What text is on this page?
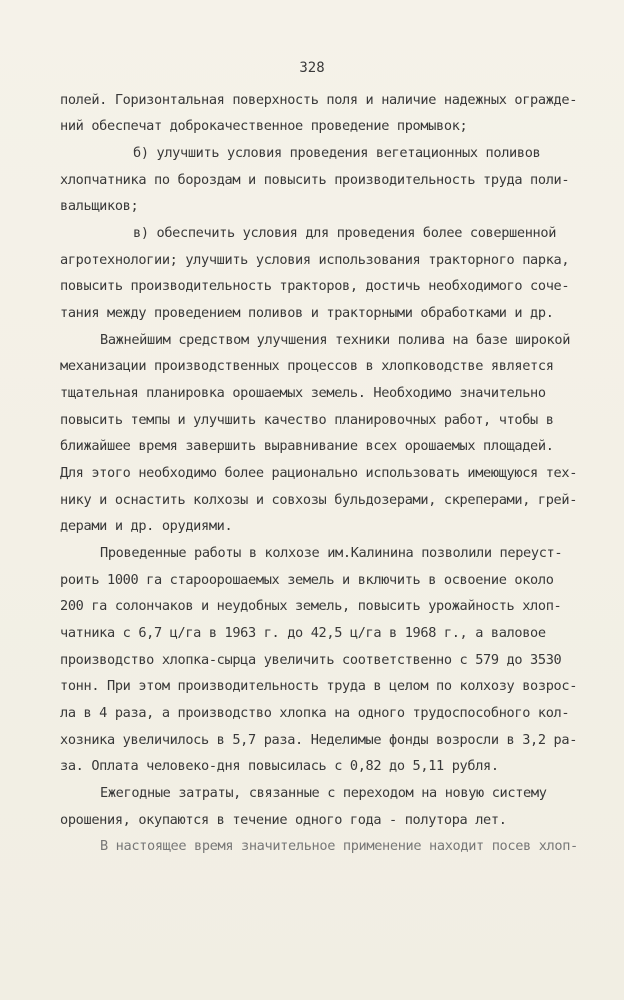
328
полей. Горизонтальная поверхность поля и наличие надежных огражде-
ний обеспечат доброкачественное проведение промывок;
б) улучшить условия проведения вегетационных поливов
хлопчатника по бороздам и повысить производительность труда поли-
вальщиков;
в) обеспечить условия для проведения более совершенной
агротехнологии; улучшить условия использования тракторного парка,
повысить производительность тракторов, достичь необходимого соче-
тания между проведением поливов и тракторными обработками и др.
Важнейшим средством улучшения техники полива на базе широкой
механизации производственных процессов в хлопководстве является
тщательная планировка орошаемых земель. Необходимо значительно
повысить темпы и улучшить качество планировочных работ, чтобы в
ближайшее время завершить выравнивание всех орошаемых площадей.
Для этого необходимо более рационально использовать имеющуюся тех-
нику и оснастить колхозы и совхозы бульдозерами, скреперами, грей-
дерами и др. орудиями.
Проведенные работы в колхозе им.Калинина позволили переуст-
роить 1000 га староорошаемых земель и включить в освоение около
200 га солончаков и неудобных земель, повысить урожайность хлоп-
чатника с 6,7 ц/га в 1963 г. до 42,5 ц/га в 1968 г., а валовое
производство хлопка-сырца увеличить соответственно с 579 до 3530
тонн. При этом производительность труда в целом по колхозу возрос-
ла в 4 раза, а производство хлопка на одного трудоспособного кол-
хозника увеличилось в 5,7 раза. Неделимые фонды возросли в 3,2 ра-
за. Оплата человеко-дня повысилась с 0,82 до 5,11 рубля.
Ежегодные затраты, связанные с переходом на новую систему
орошения, окупаются в течение одного года - полутора лет.
В настоящее время значительное применение находит посев хлоп-
